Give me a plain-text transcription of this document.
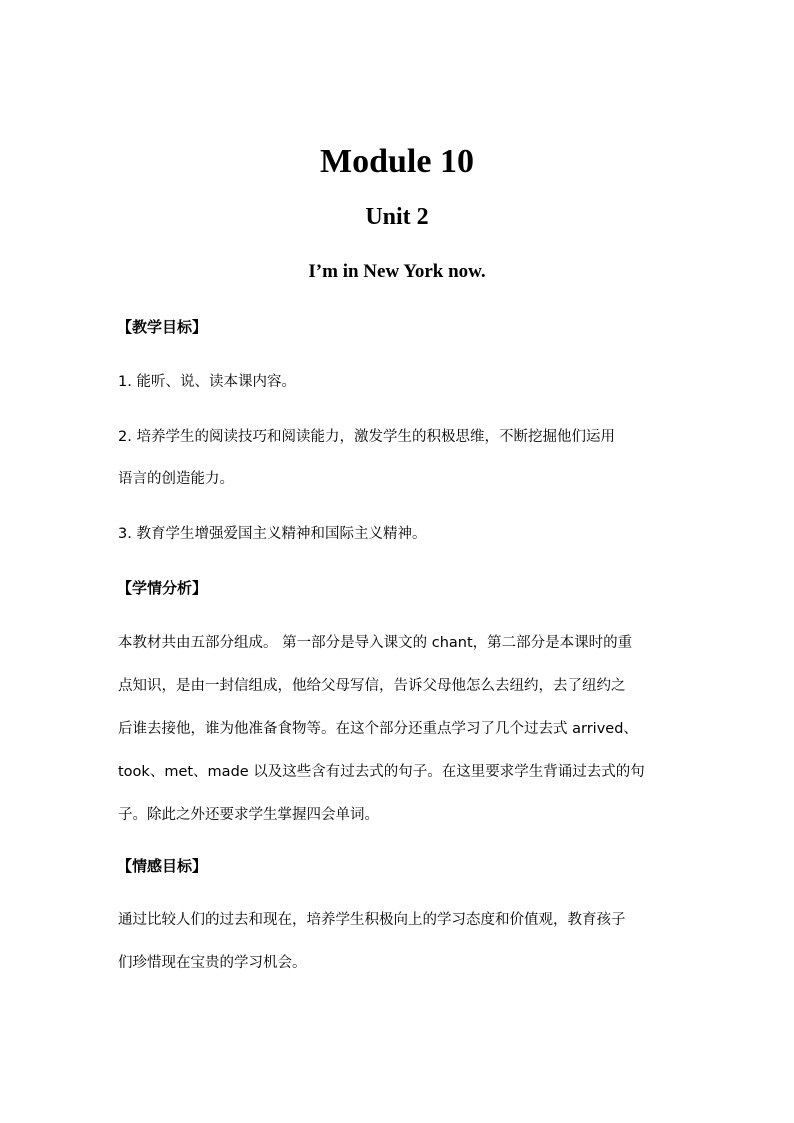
Module 10
Unit 2
I’m in New York now.

【教学目标】

1. 能听、说、读本课内容。

2. 培养学生的阅读技巧和阅读能力，激发学生的积极思维，不断挖掘他们运用

语言的创造能力。

3. 教育学生增强爱国主义精神和国际主义精神。

【学情分析】

本教材共由五部分组成。 第一部分是导入课文的 chant，第二部分是本课时的重

点知识，是由一封信组成，他给父母写信，告诉父母他怎么去纽约，去了纽约之

后谁去接他，谁为他准备食物等。在这个部分还重点学习了几个过去式 arrived、

took、met、made 以及这些含有过去式的句子。在这里要求学生背诵过去式的句

子。除此之外还要求学生掌握四会单词。

【情感目标】

通过比较人们的过去和现在，培养学生积极向上的学习态度和价值观，教育孩子

们珍惜现在宝贵的学习机会。
